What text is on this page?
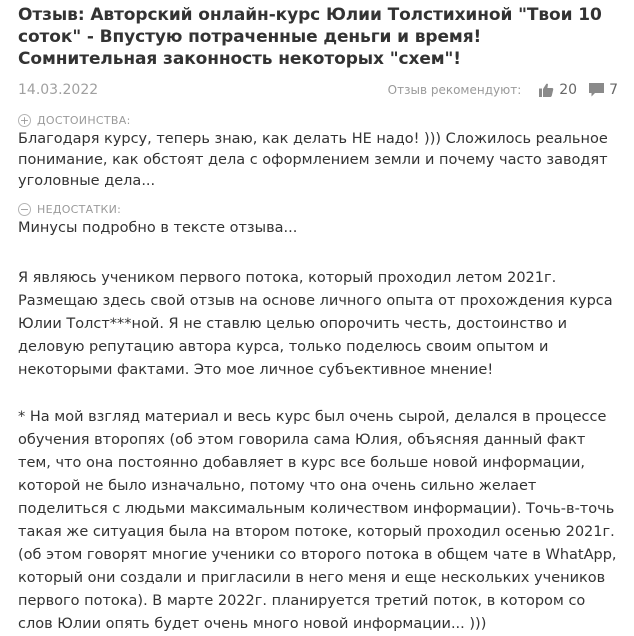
Отзыв: Авторский онлайн-курс Юлии Толстихиной "Твои 10 соток" - Впустую потраченные деньги и время! Сомнительная законность некоторых "схем"!
14.03.2022	Отзыв рекомендуют:	20 7
+ ДОСТОИНСТВА:

Благодаря курсу, теперь знаю, как делать НЕ надо! ))) Сложилось реальное понимание, как обстоят дела с оформлением земли и почему часто заводят уголовные дела...

− НЕДОСТАТКИ:

Минусы подробно в тексте отзыва...

Я являюсь учеником первого потока, который проходил летом 2021г. Размещаю здесь свой отзыв на основе личного опыта от прохождения курса Юлии Толст***ной. Я не ставлю целью опорочить честь, достоинство и деловую репутацию автора курса, только поделюсь своим опытом и некоторыми фактами. Это мое личное субъективное мнение!

* На мой взгляд материал и весь курс был очень сырой, делался в процессе обучения второпях (об этом говорила сама Юлия, объясняя данный факт тем, что она постоянно добавляет в курс все больше новой информации, которой не было изначально, потому что она очень сильно желает поделиться с людьми максимальным количеством информации). Точь-в-точь такая же ситуация была на втором потоке, который проходил осенью 2021г. (об этом говорят многие ученики со второго потока в общем чате в WhatApp, который они создали и пригласили в него меня и еще нескольких учеников первого потока). В марте 2022г. планируется третий поток, в котором со слов Юлии опять будет очень много новой информации... )))
